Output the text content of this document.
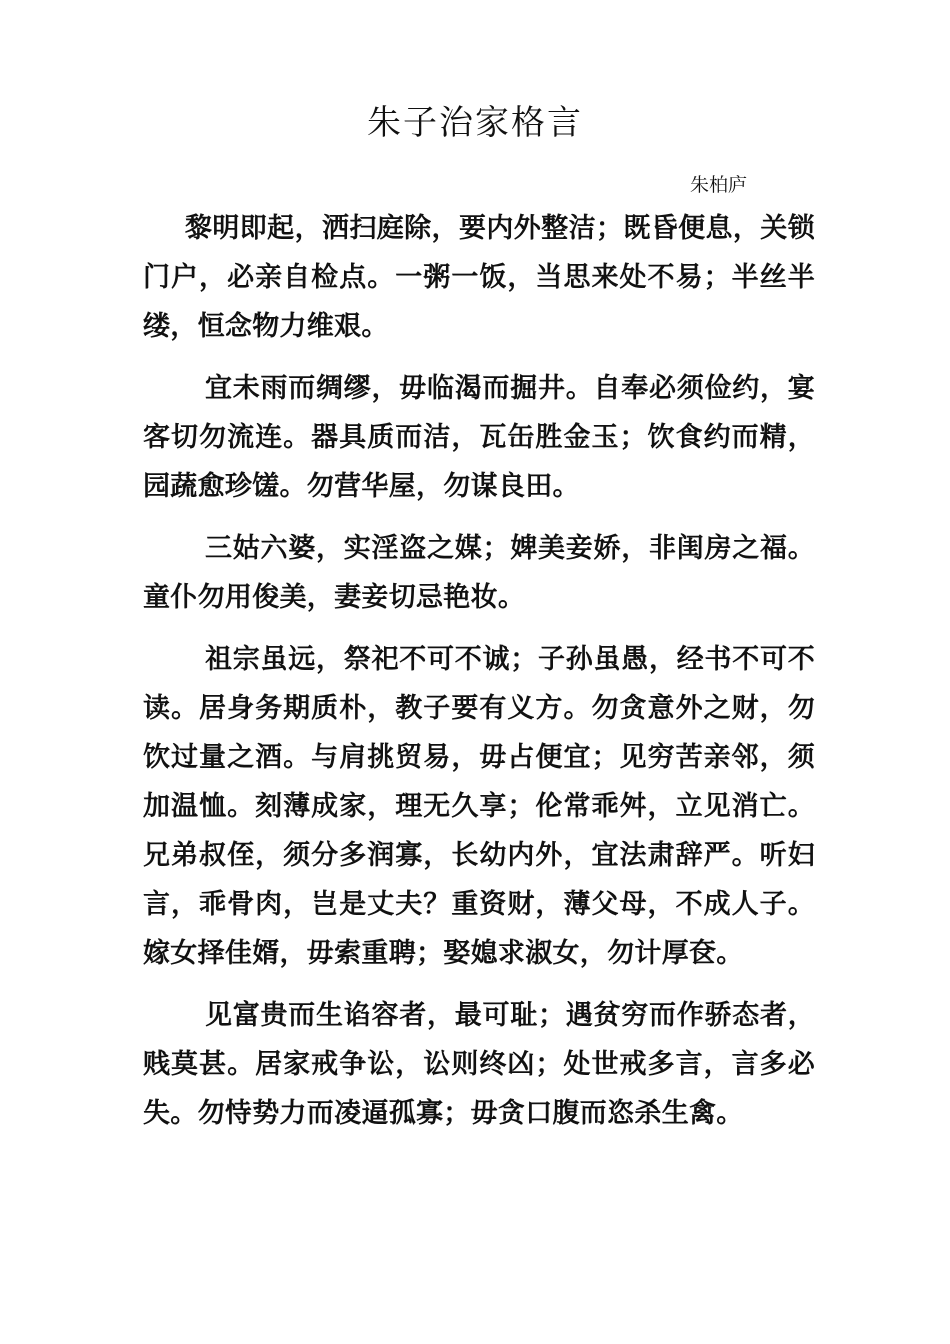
朱子治家格言

朱柏庐

黎明即起，洒扫庭除，要内外整洁；既昏便息，关锁门户，必亲自检点。一粥一饭，当思来处不易；半丝半缕，恒念物力维艰。

宜未雨而绸缪，毋临渴而掘井。自奉必须俭约，宴客切勿流连。器具质而洁，瓦缶胜金玉；饮食约而精，园蔬愈珍馐。勿营华屋，勿谋良田。

三姑六婆，实淫盗之媒；婢美妾娇，非闺房之福。童仆勿用俊美，妻妾切忌艳妆。

祖宗虽远，祭祀不可不诚；子孙虽愚，经书不可不读。居身务期质朴，教子要有义方。勿贪意外之财，勿饮过量之酒。与肩挑贸易，毋占便宜；见穷苦亲邻，须加温恤。刻薄成家，理无久享；伦常乖舛，立见消亡。兄弟叔侄，须分多润寡，长幼内外，宜法肃辞严。听妇言，乖骨肉，岂是丈夫？重资财，薄父母，不成人子。嫁女择佳婿，毋索重聘；娶媳求淑女，勿计厚奁。

见富贵而生谄容者，最可耻；遇贫穷而作骄态者，贱莫甚。居家戒争讼，讼则终凶；处世戒多言，言多必失。勿恃势力而凌逼孤寡；毋贪口腹而恣杀生禽。
